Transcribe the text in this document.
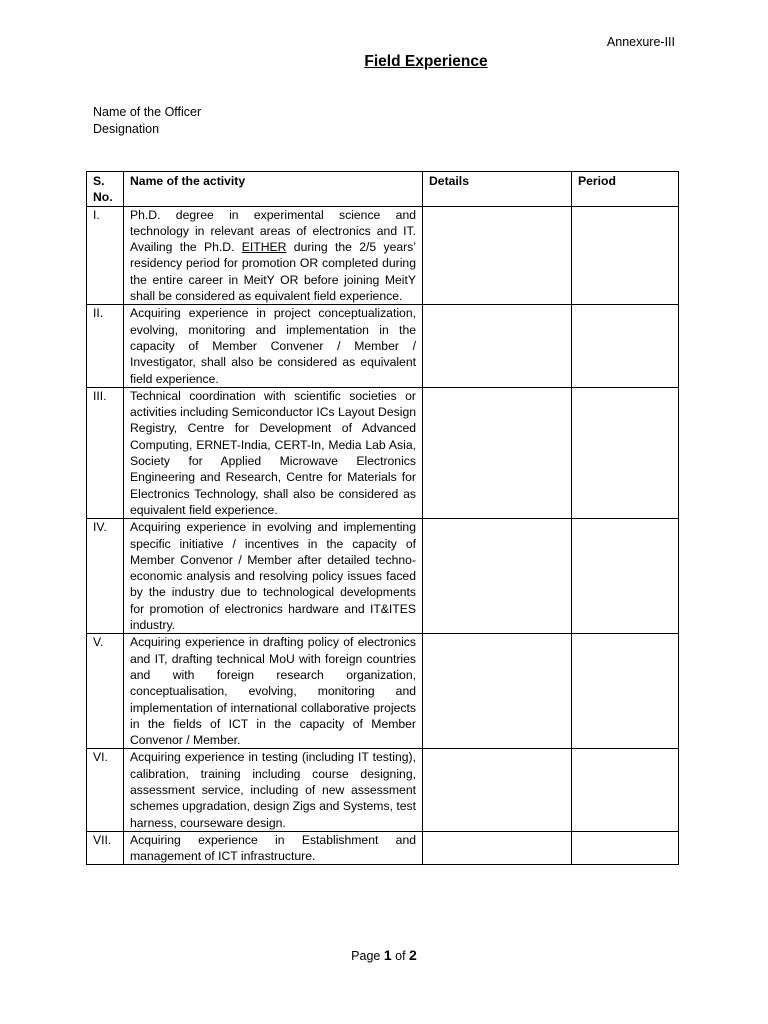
Annexure-III
Field Experience
Name of the Officer
Designation
S. No.	Name of the activity	Details	Period
I.	Ph.D. degree in experimental science and technology in relevant areas of electronics and IT. Availing the Ph.D. EITHER during the 2/5 years’ residency period for promotion OR completed during the entire career in MeitY OR before joining MeitY shall be considered as equivalent field experience.		
II.	Acquiring experience in project conceptualization, evolving, monitoring and implementation in the capacity of Member Convener / Member / Investigator, shall also be considered as equivalent field experience.		
III.	Technical coordination with scientific societies or activities including Semiconductor ICs Layout Design Registry, Centre for Development of Advanced Computing, ERNET-India, CERT-In, Media Lab Asia, Society for Applied Microwave Electronics Engineering and Research, Centre for Materials for Electronics Technology, shall also be considered as equivalent field experience.		
IV.	Acquiring experience in evolving and implementing specific initiative / incentives in the capacity of Member Convenor / Member after detailed techno-economic analysis and resolving policy issues faced by the industry due to technological developments for promotion of electronics hardware and IT&ITES industry.		
V.	Acquiring experience in drafting policy of electronics and IT, drafting technical MoU with foreign countries and with foreign research organization, conceptualisation, evolving, monitoring and implementation of international collaborative projects in the fields of ICT in the capacity of Member Convenor / Member.		
VI.	Acquiring experience in testing (including IT testing), calibration, training including course designing, assessment service, including of new assessment schemes upgradation, design Zigs and Systems, test harness, courseware design.		
VII.	Acquiring experience in Establishment and management of ICT infrastructure.		
Page 1 of 2
